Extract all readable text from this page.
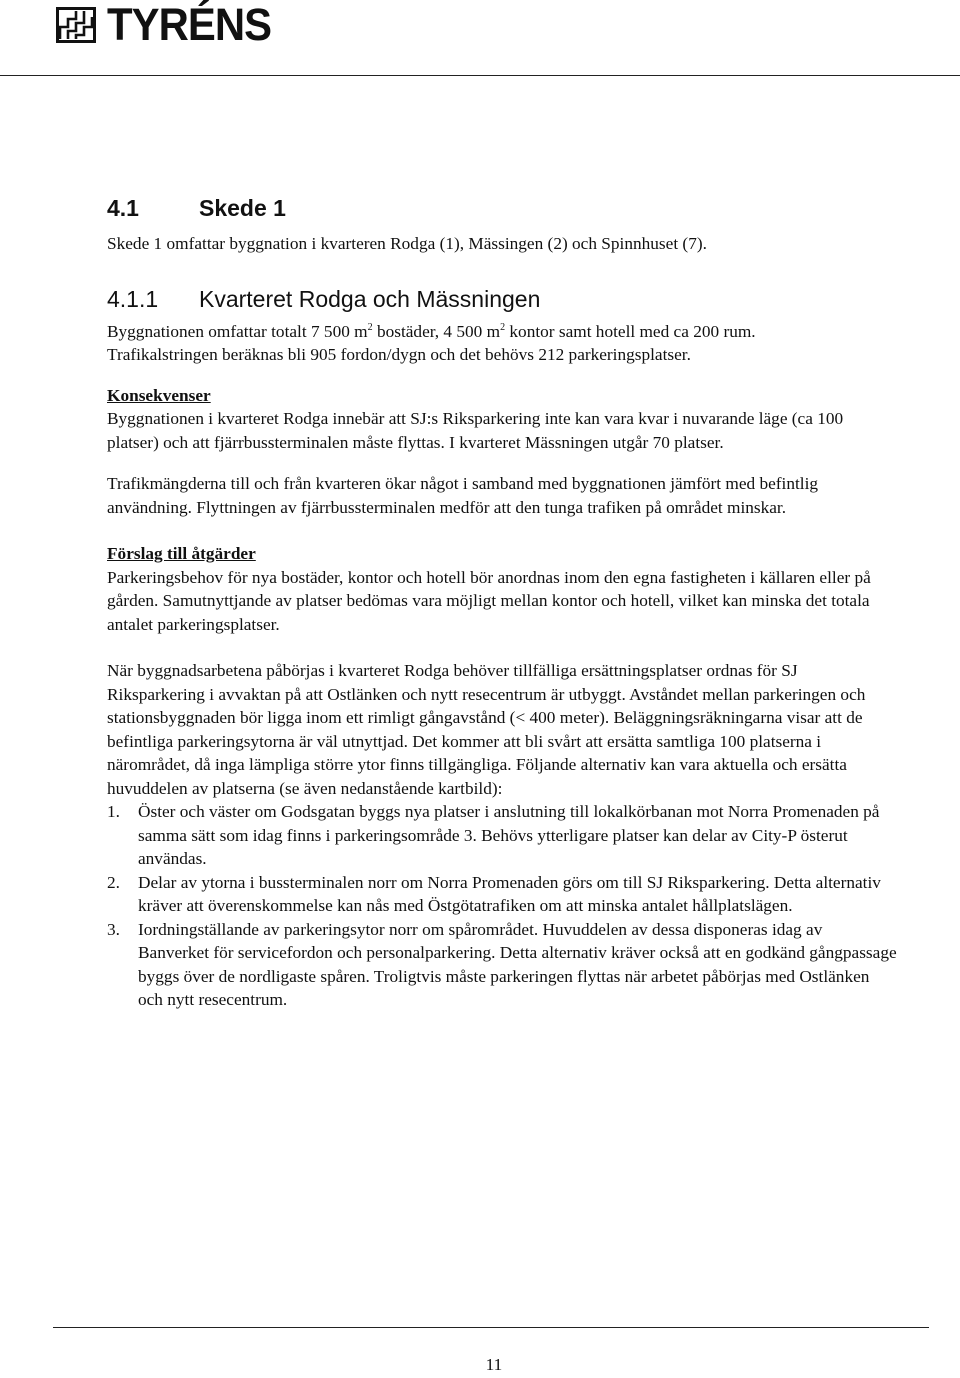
TYRÉNS
4.1	Skede 1

Skede 1 omfattar byggnation i kvarteren Rodga (1), Mässingen (2) och Spinnhuset (7).

4.1.1 Kvarteret Rodga och Mässningen

Byggnationen omfattar totalt 7 500 $m^2$ bostäder, 4 500 $m^2$ kontor samt hotell med ca 200 rum.
Trafikalstringen beräknas bli 905 fordon/dygn och det behövs 212 parkeringsplatser.

Konsekvenser

Byggnationen i kvarteret Rodga innebär att SJ:s Riksparkering inte kan vara kvar i nuvarande läge (ca 100 platser) och att fjärrbussterminalen måste flyttas. I kvarteret Mässningen utgår 70 platser.

Trafikmängderna till och från kvarteren ökar något i samband med byggnationen jämfört med befintlig användning. Flyttningen av fjärrbussterminalen medför att den tunga trafiken på området minskar.

Förslag till åtgärder

Parkeringsbehov för nya bostäder, kontor och hotell bör anordnas inom den egna fastigheten i källaren eller på gården. Samutnyttjande av platser bedömas vara möjligt mellan kontor och hotell, vilket kan minska det totala antalet parkeringsplatser.

När byggnadsarbetena påbörjas i kvarteret Rodga behöver tillfälliga ersättningsplatser ordnas för SJ Riksparkering i avvaktan på att Ostlänken och nytt resecentrum är utbyggt. Avståndet mellan parkeringen och stationsbyggnaden bör ligga inom ett rimligt gångavstånd (< 400 meter). Beläggningsräkningarna visar att de befintliga parkeringsytorna är väl utnyttjad. Det kommer att bli svårt att ersätta samtliga 100 platserna i närområdet, då inga lämpliga större ytor finns tillgängliga. Följande alternativ kan vara aktuella och ersätta huvuddelen av platserna (se även nedanstående kartbild):

1. Öster och väster om Godsgatan byggs nya platser i anslutning till lokalkörbanan mot Norra Promenaden på samma sätt som idag finns i parkeringsområde 3. Behövs ytterligare platser kan delar av City-P österut användas.
2. Delar av ytorna i bussterminalen norr om Norra Promenaden görs om till SJ Riksparkering. Detta alternativ kräver att överenskommelse kan nås med Östgötatrafiken om att minska antalet hållplatslägen.
3. Iordningställande av parkeringsytor norr om spårområdet. Huvuddelen av dessa disponeras idag av Banverket för servicefordon och personalparkering. Detta alternativ kräver också att en godkänd gångpassage byggs över de nordligaste spåren. Troligtvis måste parkeringen flyttas när arbetet påbörjas med Ostlänken och nytt resecentrum.
11
